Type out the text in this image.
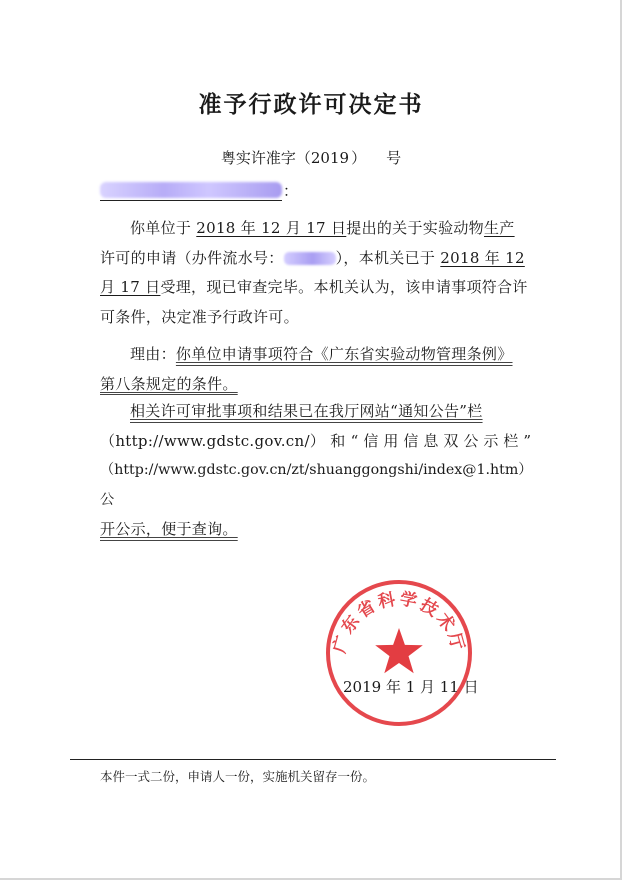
准予行政许可决定书
粤实许准字（2019 ） 号
：
你单位于 2018 年 12 月 17 日提出的关于实验动物生产
许可的申请（办件流水号：	），本机关已于 2018 年 12
月 17 日受理，现已审查完毕。本机关认为，该申请事项符合许可条件，决定准予行政许可。
理由：你单位申请事项符合《广东省实验动物管理条例》
第八条规定的条件。
相关许可审批事项和结果已在我厅网站“通知公告”栏
（http://www.gdstc.gov.cn/） 和 “信用信息双公示栏”
（http://www.gdstc.gov.cn/zt/shuanggongshi/index@1.htm）公
开公示，便于查询。
广东省科学技术厅
2019 年 1 月 11 日
本件一式二份，申请人一份，实施机关留存一份。
